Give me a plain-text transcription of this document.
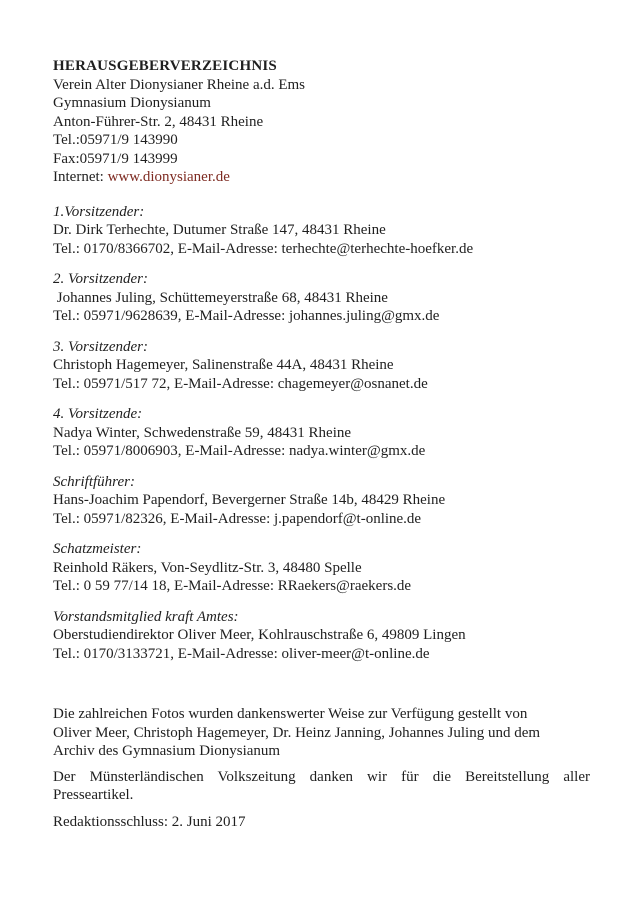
HERAUSGEBERVERZEICHNIS
Verein Alter Dionysianer Rheine a.d. Ems
Gymnasium Dionysianum
Anton-Führer-Str. 2, 48431 Rheine
Tel.:05971/9 143990
Fax:05971/9 143999
Internet: www.dionysianer.de
1.Vorsitzender:
Dr. Dirk Terhechte, Dutumer Straße 147, 48431 Rheine
Tel.: 0170/8366702, E-Mail-Adresse: terhechte@terhechte-hoefker.de
2. Vorsitzender:
Johannes Juling, Schüttemeyerstraße 68, 48431 Rheine
Tel.: 05971/9628639, E-Mail-Adresse: johannes.juling@gmx.de
3. Vorsitzender:
Christoph Hagemeyer, Salinenstraße 44A, 48431 Rheine
Tel.: 05971/517 72, E-Mail-Adresse: chagemeyer@osnanet.de
4. Vorsitzende:
Nadya Winter, Schwedenstraße 59, 48431 Rheine
Tel.: 05971/8006903, E-Mail-Adresse: nadya.winter@gmx.de
Schriftführer:
Hans-Joachim Papendorf, Bevergerner Straße 14b, 48429 Rheine
Tel.: 05971/82326, E-Mail-Adresse: j.papendorf@t-online.de
Schatzmeister:
Reinhold Räkers, Von-Seydlitz-Str. 3, 48480 Spelle
Tel.: 0 59 77/14 18, E-Mail-Adresse: RRaekers@raekers.de
Vorstandsmitglied kraft Amtes:
Oberstudiendirektor Oliver Meer, Kohlrauschstraße 6, 49809 Lingen
Tel.: 0170/3133721, E-Mail-Adresse: oliver-meer@t-online.de
Die zahlreichen Fotos wurden dankenswerter Weise zur Verfügung gestellt von
Oliver Meer, Christoph Hagemeyer, Dr. Heinz Janning, Johannes Juling und dem
Archiv des Gymnasium Dionysianum
Der Münsterländischen Volkszeitung danken wir für die Bereitstellung aller
Presseartikel.
Redaktionsschluss: 2. Juni 2017
